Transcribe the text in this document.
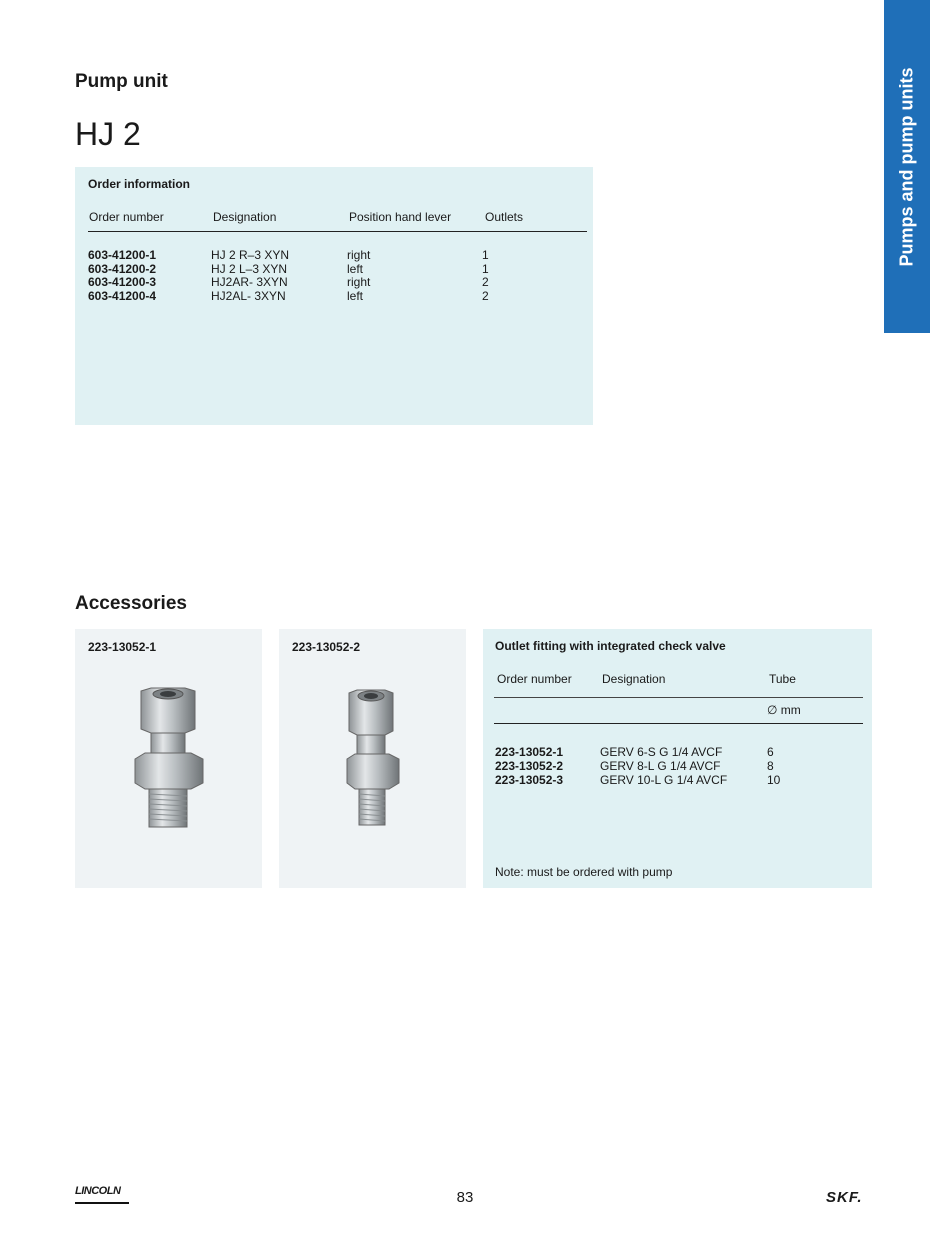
Pumps and pump units
Pump unit
HJ 2
Order information
Order number	Designation	Position hand lever	Outlets
603-41200-1	HJ 2 R–3 XYN	right	1
603-41200-2	HJ 2 L–3 XYN	left	1
603-41200-3	HJ2AR- 3XYN	right	2
603-41200-4	HJ2AL- 3XYN	left	2
Accessories
223-13052-1	223-13052-2	Outlet fitting with integrated check valve
Order number	Designation	Tube
∅ mm
223-13052-1	GERV 6-S G 1/4 AVCF	6
223-13052-2	GERV 8-L G 1/4 AVCF	8
223-13052-3	GERV 10-L G 1/4 AVCF	10
Note: must be ordered with pump
LINCOLN	83	SKF.
